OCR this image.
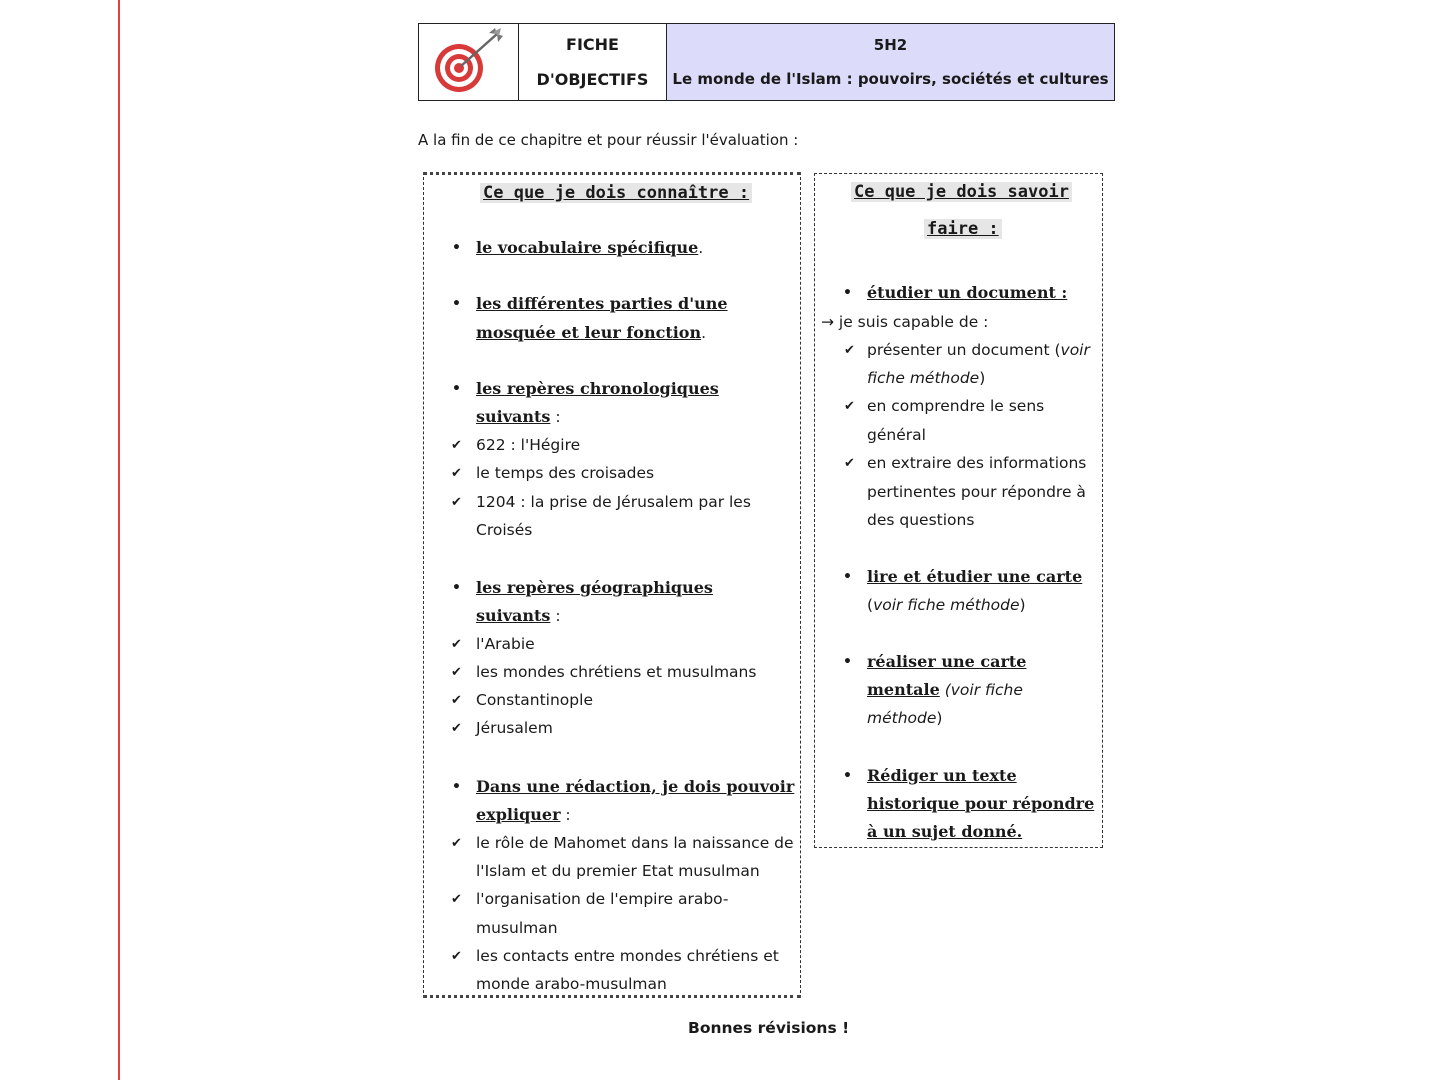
FICHE
D'OBJECTIFS
5H2
Le monde de l'Islam : pouvoirs, sociétés et cultures
A la fin de ce chapitre et pour réussir l'évaluation :
Ce que je dois connaître :
• le vocabulaire spécifique.
• les différentes parties d'une
mosquée et leur fonction.
• les repères chronologiques
suivants :
✔ 622 : l'Hégire
✔ le temps des croisades
✔ 1204 : la prise de Jérusalem par les
Croisés
• les repères géographiques
suivants :
✔ l'Arabie
✔ les mondes chrétiens et musulmans
✔ Constantinople
✔ Jérusalem
• Dans une rédaction, je dois pouvoir
expliquer :
✔ le rôle de Mahomet dans la naissance de
l'Islam et du premier Etat musulman
✔ l'organisation de l'empire arabo-
musulman
✔ les contacts entre mondes chrétiens et
monde arabo-musulman
Ce que je dois savoir
faire :
• étudier un document :
→ je suis capable de :
✔ présenter un document (voir
fiche méthode)
✔ en comprendre le sens
général
✔ en extraire des informations
pertinentes pour répondre à
des questions
• lire et étudier une carte
(voir fiche méthode)
• réaliser une carte
mentale (voir fiche
méthode)
• Rédiger un texte
historique pour répondre
à un sujet donné.
Bonnes révisions !
